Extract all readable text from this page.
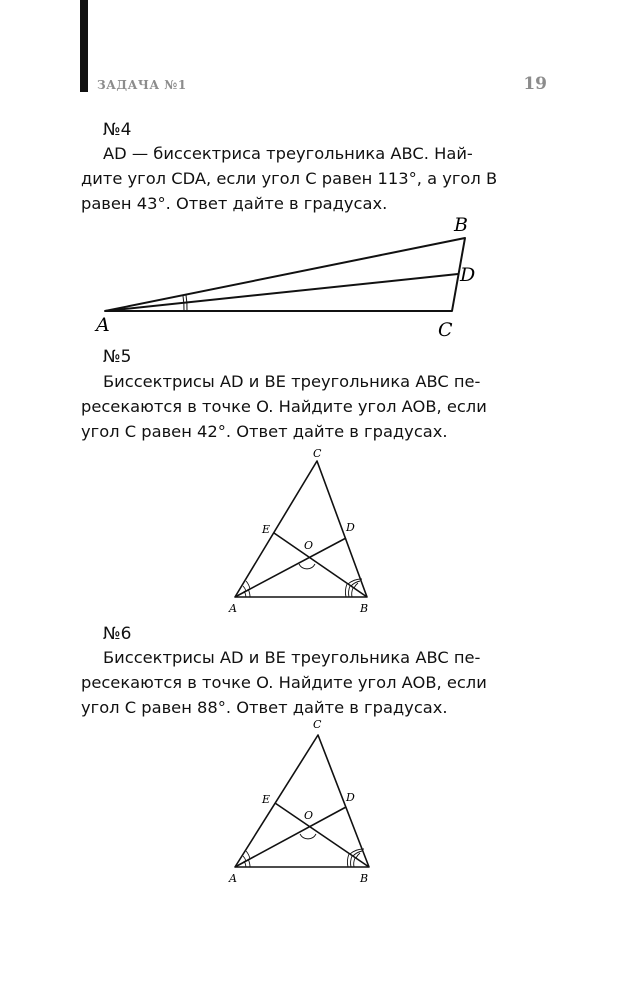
ЗАДАЧА №1	19
№4

AD — биссектриса треугольника ABC. Най-
дите угол CDA, если угол C равен 113°, а угол B
равен 43°. Ответ дайте в градусах.

B
D
A	C
№5

Биссектрисы AD и BE треугольника ABC пе-
ресекаются в точке O. Найдите угол AOB, если
угол C равен 42°. Ответ дайте в градусах.

C
E	D
O
A	B
№6

Биссектрисы AD и BE треугольника ABC пе-
ресекаются в точке O. Найдите угол AOB, если
угол C равен 88°. Ответ дайте в градусах.

C
E	D
O
A	B
